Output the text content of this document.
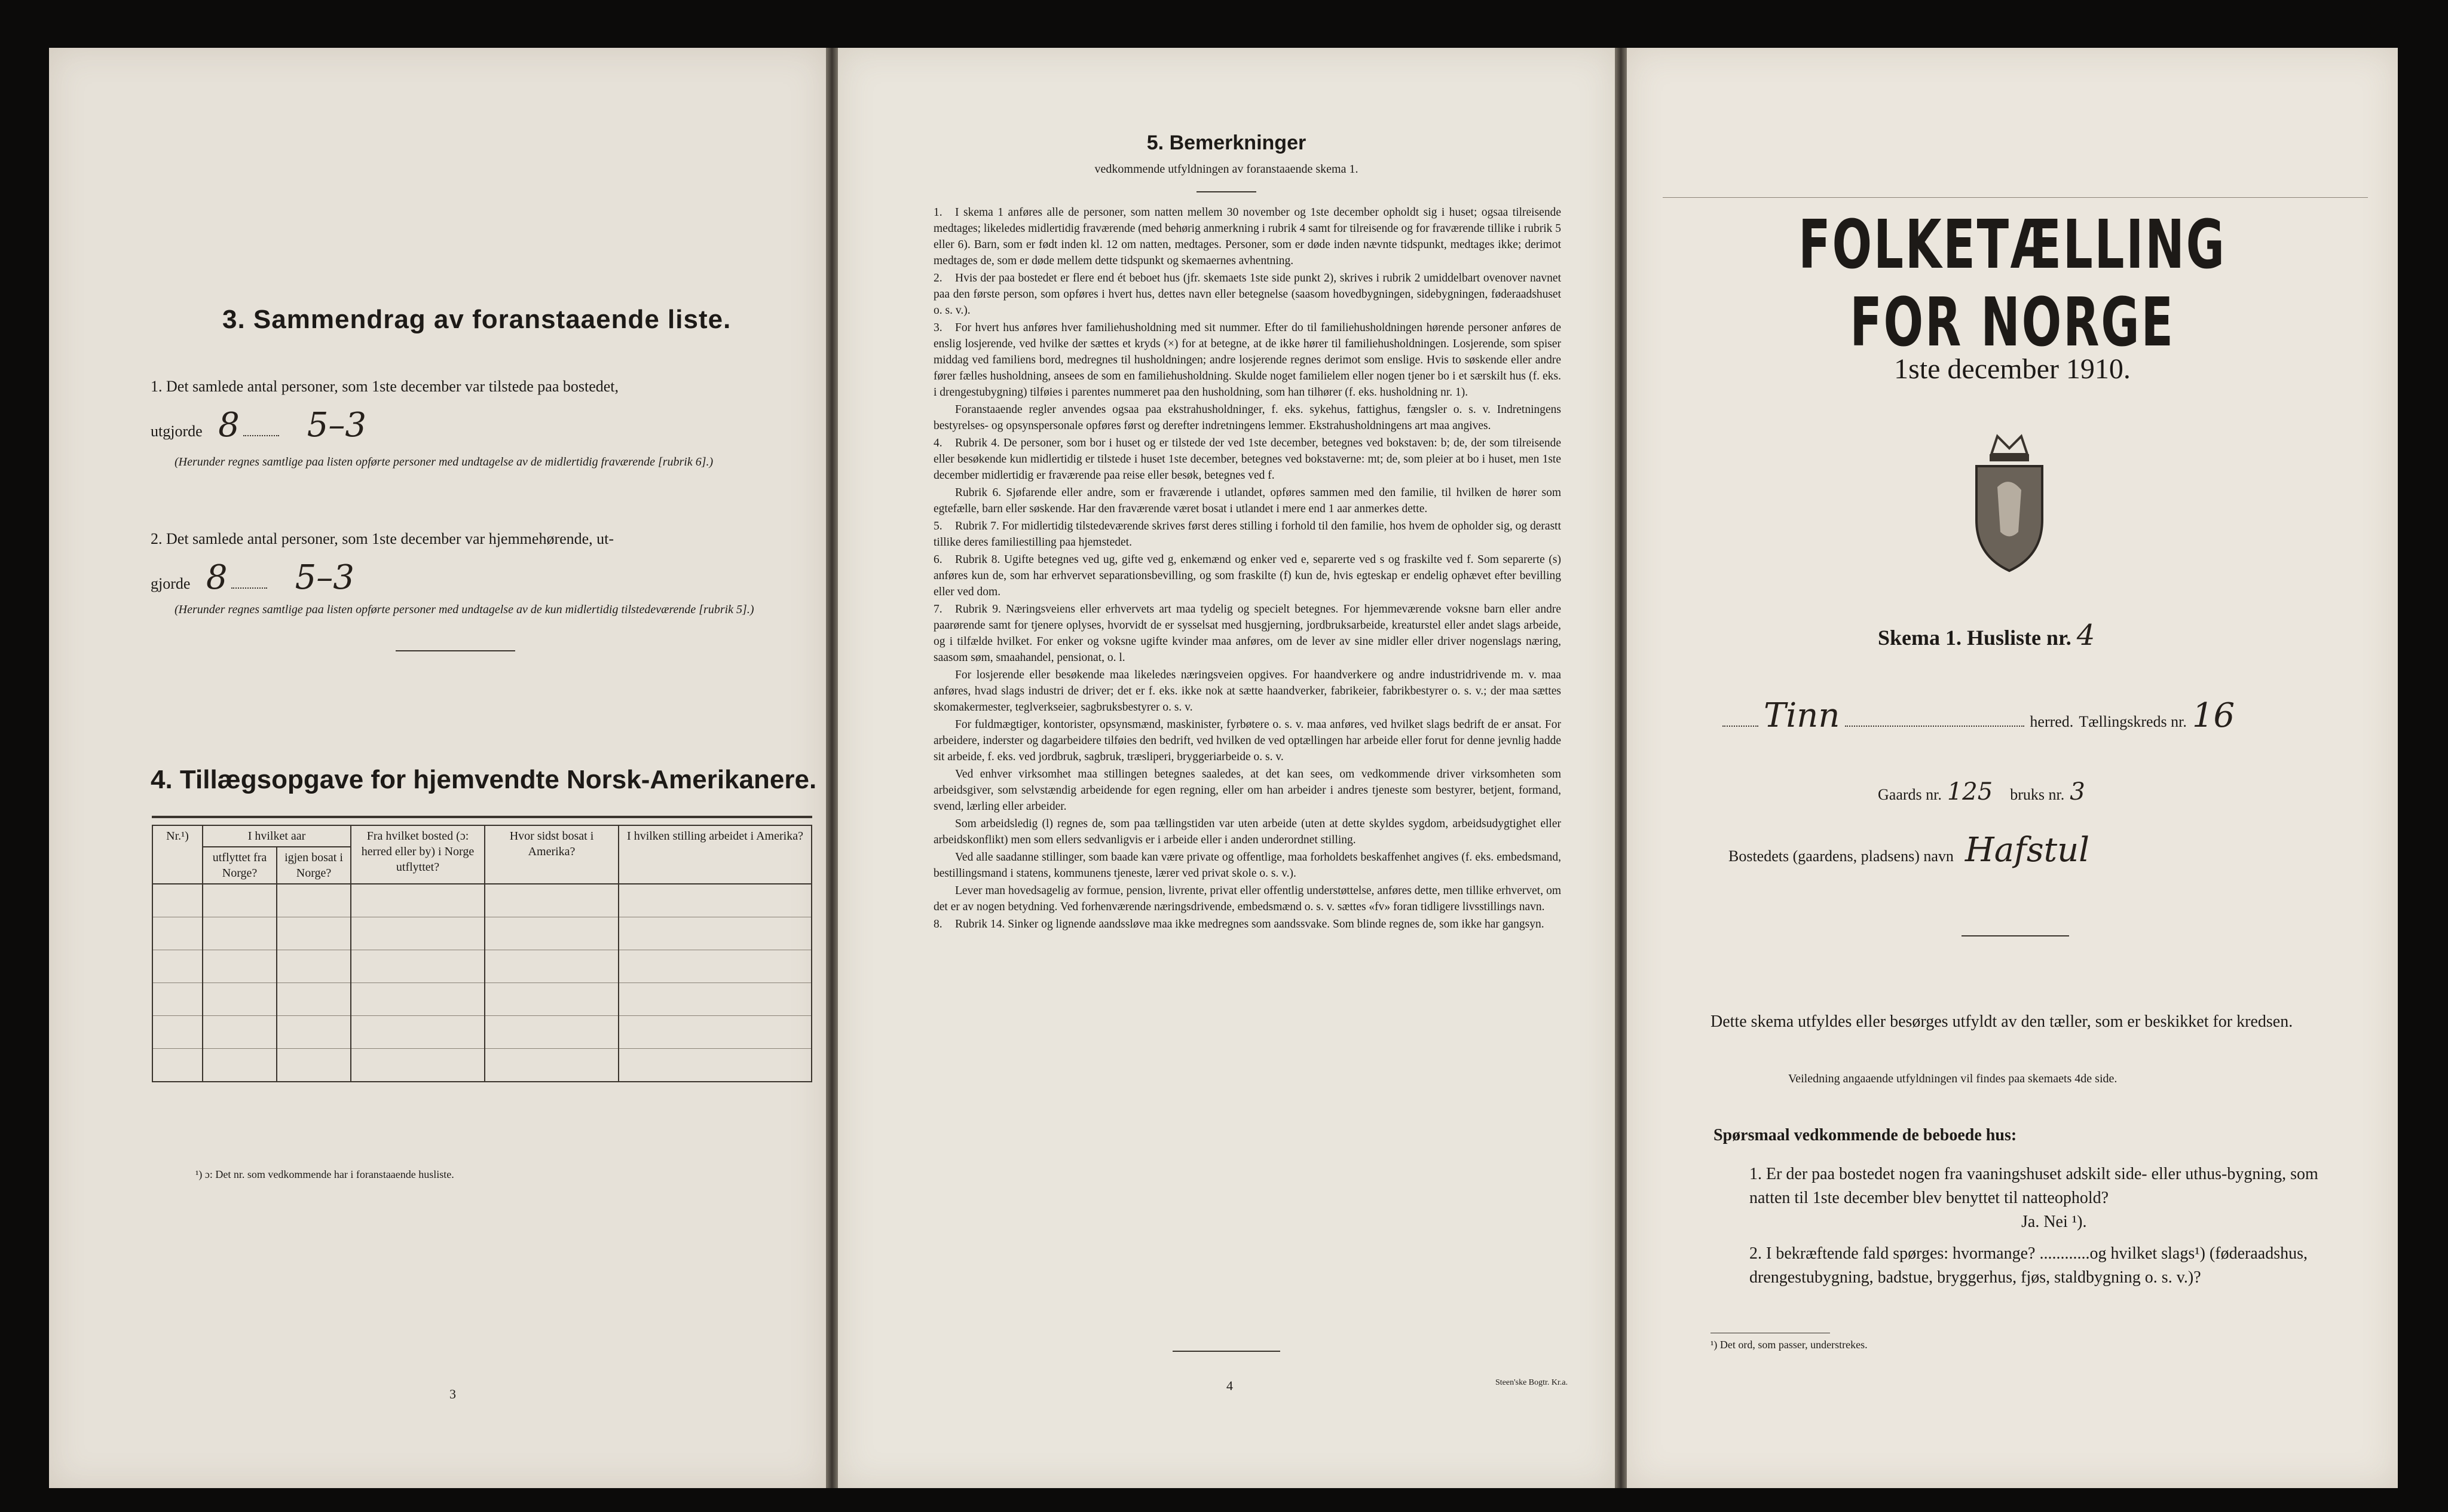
3. Sammendrag av foranstaaende liste.
1. Det samlede antal personer, som 1ste december var tilstede paa bostedet,
utgjorde 8 5–3
(Herunder regnes samtlige paa listen opførte personer med undtagelse av de midlertidig fraværende [rubrik 6].)
2. Det samlede antal personer, som 1ste december var hjemmehørende, ut-
gjorde 8 5–3
(Herunder regnes samtlige paa listen opførte personer med undtagelse av de kun midlertidig tilstedeværende [rubrik 5].)
4. Tillægsopgave for hjemvendte Norsk-Amerikanere.
Nr.¹)	I hvilket aar		Fra hvilket bosted (ɔ: herred eller by) i Norge utflyttet?	Hvor sidst bosat i Amerika?	I hvilken stilling arbeidet i Amerika?
	utflyttet fra Norge?	igjen bosat i Norge?			

¹) ɔ: Det nr. som vedkommende har i foranstaaende husliste.
3
5. Bemerkninger
vedkommende utfyldningen av foranstaaende skema 1.

1. I skema 1 anføres alle de personer, som natten mellem 30 november og 1ste december opholdt sig i huset; ogsaa tilreisende medtages; likeledes midlertidig fraværende (med behørig anmerkning i rubrik 4 samt for tilreisende og for fraværende tillike i rubrik 5 eller 6). Barn, som er født inden kl. 12 om natten, medtages. Personer, som er døde inden nævnte tidspunkt, medtages ikke; derimot medtages de, som er døde mellem dette tidspunkt og skemaernes avhentning.

2. Hvis der paa bostedet er flere end ét beboet hus (jfr. skemaets 1ste side punkt 2), skrives i rubrik 2 umiddelbart ovenover navnet paa den første person, som opføres i hvert hus, dettes navn eller betegnelse (saasom hovedbygningen, sidebygningen, føderaadshuset o. s. v.).

3. For hvert hus anføres hver familiehusholdning med sit nummer. Efter do til familiehusholdningen hørende personer anføres de enslig losjerende, ved hvilke der sættes et kryds (×) for at betegne, at de ikke hører til familiehusholdningen. Losjerende, som spiser middag ved familiens bord, medregnes til husholdningen; andre losjerende regnes derimot som enslige. Hvis to søskende eller andre fører fælles husholdning, ansees de som en familiehusholdning. Skulde noget familielem eller nogen tjener bo i et særskilt hus (f. eks. i drengestubygning) tilføies i parentes nummeret paa den husholdning, som han tilhører (f. eks. husholdning nr. 1).

Foranstaaende regler anvendes ogsaa paa ekstrahusholdninger, f. eks. sykehus, fattighus, fængsler o. s. v. Indretningens bestyrelses- og opsynspersonale opføres først og derefter indretningens lemmer. Ekstrahusholdningens art maa angives.

4. Rubrik 4. De personer, som bor i huset og er tilstede der ved 1ste december, betegnes ved bokstaven: b; de, der som tilreisende eller besøkende kun midlertidig er tilstede i huset 1ste december, betegnes ved bokstaverne: mt; de, som pleier at bo i huset, men 1ste december midlertidig er fraværende paa reise eller besøk, betegnes ved f.

Rubrik 6. Sjøfarende eller andre, som er fraværende i utlandet, opføres sammen med den familie, til hvilken de hører som egtefælle, barn eller søskende. Har den fraværende været bosat i utlandet i mere end 1 aar anmerkes dette.

5. Rubrik 7. For midlertidig tilstedeværende skrives først deres stilling i forhold til den familie, hos hvem de opholder sig, og derastt tillike deres familiestilling paa hjemstedet.

6. Rubrik 8. Ugifte betegnes ved ug, gifte ved g, enkemænd og enker ved e, separerte ved s og fraskilte ved f. Som separerte (s) anføres kun de, som har erhvervet separationsbevilling, og som fraskilte (f) kun de, hvis egteskap er endelig ophævet efter bevilling eller ved dom.

7. Rubrik 9. Næringsveiens eller erhvervets art maa tydelig og specielt betegnes. For hjemmeværende voksne barn eller andre paarørende samt for tjenere oplyses, hvorvidt de er sysselsat med husgjerning, jordbruksarbeide, kreaturstel eller andet slags arbeide, og i tilfælde hvilket. For enker og voksne ugifte kvinder maa anføres, om de lever av sine midler eller driver nogenslags næring, saasom søm, smaahandel, pensionat, o. l.

For losjerende eller besøkende maa likeledes næringsveien opgives. For haandverkere og andre industridrivende m. v. maa anføres, hvad slags industri de driver; det er f. eks. ikke nok at sætte haandverker, fabrikeier, fabrikbestyrer o. s. v.; der maa sættes skomakermester, teglverkseier, sagbruksbestyrer o. s. v.

For fuldmægtiger, kontorister, opsynsmænd, maskinister, fyrbøtere o. s. v. maa anføres, ved hvilket slags bedrift de er ansat. For arbeidere, inderster og dagarbeidere tilføies den bedrift, ved hvilken de ved optællingen har arbeide eller forut for denne jevnlig hadde sit arbeide, f. eks. ved jordbruk, sagbruk, træsliperi, bryggeriarbeide o. s. v.

Ved enhver virksomhet maa stillingen betegnes saaledes, at det kan sees, om vedkommende driver virksomheten som arbeidsgiver, som selvstændig arbeidende for egen regning, eller om han arbeider i andres tjeneste som bestyrer, betjent, formand, svend, lærling eller arbeider.

Som arbeidsledig (l) regnes de, som paa tællingstiden var uten arbeide (uten at dette skyldes sygdom, arbeidsudygtighet eller arbeidskonflikt) men som ellers sedvanligvis er i arbeide eller i anden underordnet stilling.

Ved alle saadanne stillinger, som baade kan være private og offentlige, maa forholdets beskaffenhet angives (f. eks. embedsmand, bestillingsmand i statens, kommunens tjeneste, lærer ved privat skole o. s. v.).

Lever man hovedsagelig av formue, pension, livrente, privat eller offentlig understøttelse, anføres dette, men tillike erhvervet, om det er av nogen betydning. Ved forhenværende næringsdrivende, embedsmænd o. s. v. sættes «fv» foran tidligere livsstillings navn.

8. Rubrik 14. Sinker og lignende aandssløve maa ikke medregnes som aandssvake. Som blinde regnes de, som ikke har gangsyn.

4	Steen'ske Bogtr. Kr.a.
FOLKETÆLLING FOR NORGE
1ste december 1910.
Skema 1. Husliste nr. 4
Tinn	herred. Tællingskreds nr. 16
Gaards nr. 125 bruks nr. 3
Bostedets (gaardens, pladsens) navn Hafstul
Dette skema utfyldes eller besørges utfyldt av den tæller, som er beskikket for kredsen.
Veiledning angaaende utfyldningen vil findes paa skemaets 4de side.
Spørsmaal vedkommende de beboede hus:
1. Er der paa bostedet nogen fra vaaningshuset adskilt side- eller uthus-bygning, som natten til 1ste december blev benyttet til natteophold?
Ja. Nei ¹).
2. I bekræftende fald spørges: hvormange? ............og hvilket slags¹) (føderaadshus, drengestubygning, badstue, bryggerhus, fjøs, staldbygning o. s. v.)?
¹) Det ord, som passer, understrekes.
